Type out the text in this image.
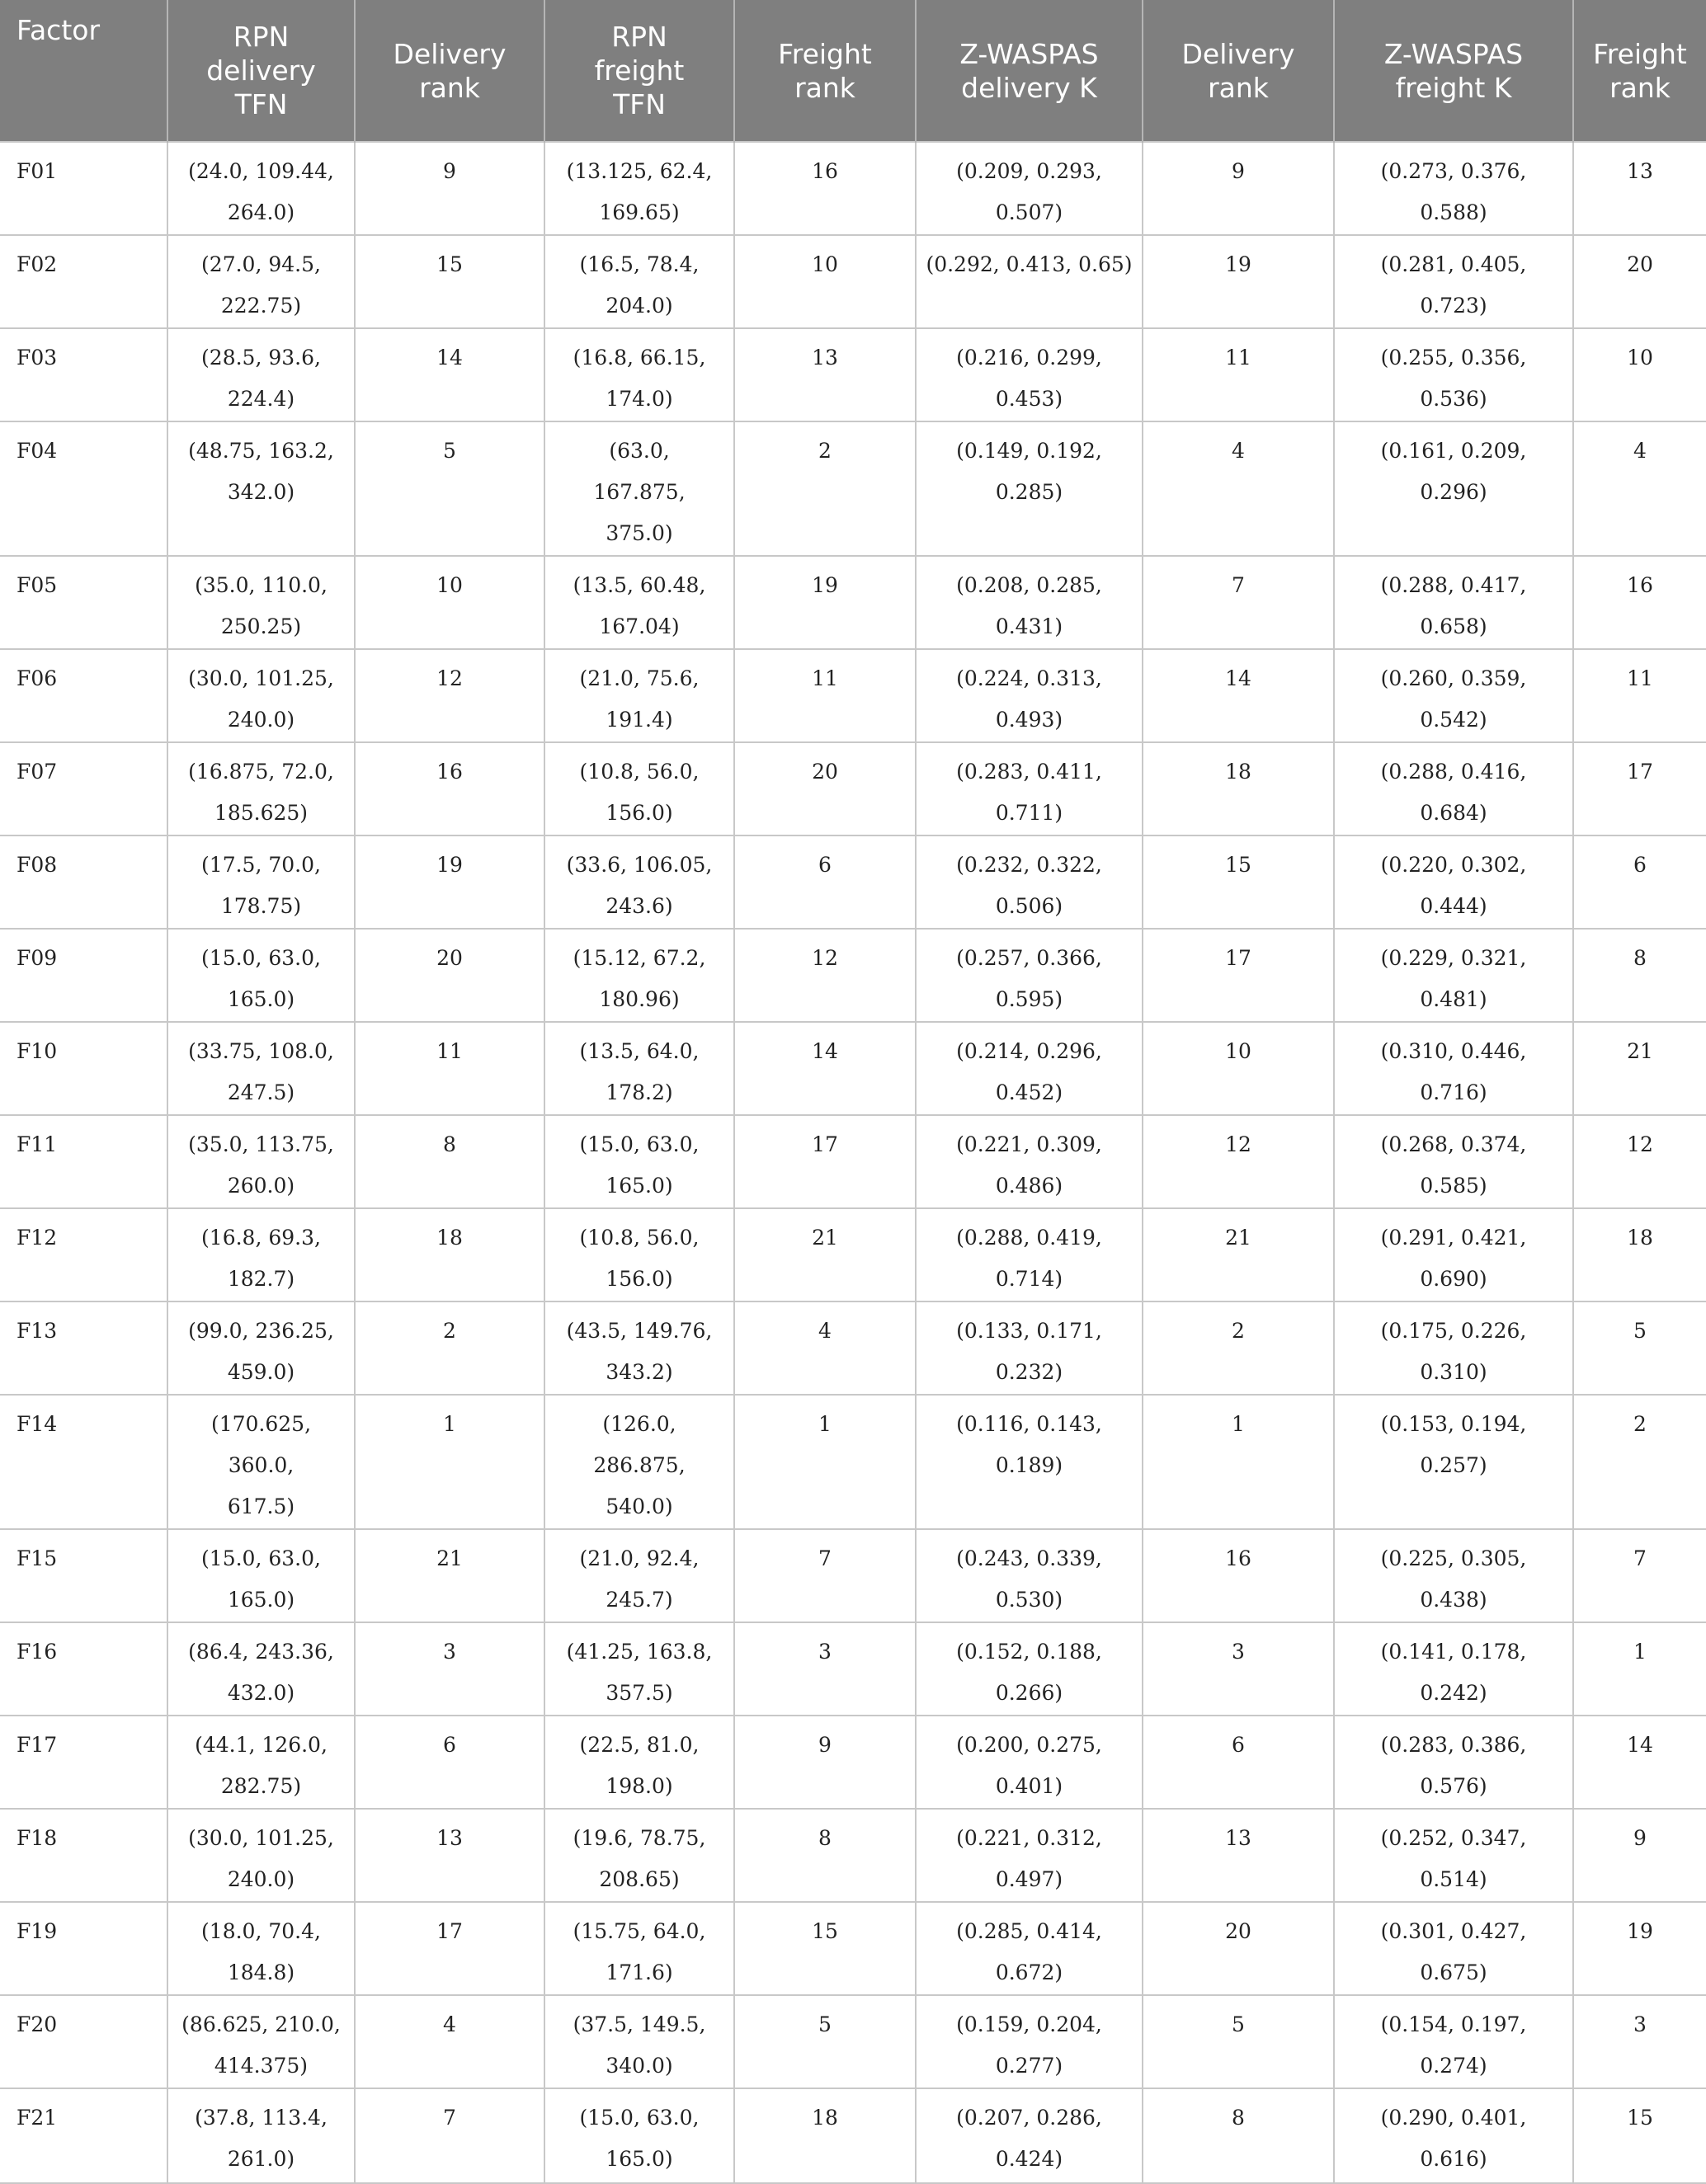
Factor	RPN
delivery
TFN	Delivery
rank	RPN
freight
TFN	Freight
rank	Z-WASPAS
delivery K	Delivery
rank	Z-WASPAS
freight K	Freight
rank
F01	(24.0, 109.44,
264.0)	9	(13.125, 62.4,
169.65)	16	(0.209, 0.293,
0.507)	9	(0.273, 0.376,
0.588)	13
F02	(27.0, 94.5,
222.75)	15	(16.5, 78.4,
204.0)	10	(0.292, 0.413, 0.65)	19	(0.281, 0.405,
0.723)	20
F03	(28.5, 93.6,
224.4)	14	(16.8, 66.15,
174.0)	13	(0.216, 0.299,
0.453)	11	(0.255, 0.356,
0.536)	10
F04	(48.75, 163.2,
342.0)	5	(63.0,
167.875,
375.0)	2	(0.149, 0.192,
0.285)	4	(0.161, 0.209,
0.296)	4
F05	(35.0, 110.0,
250.25)	10	(13.5, 60.48,
167.04)	19	(0.208, 0.285,
0.431)	7	(0.288, 0.417,
0.658)	16
F06	(30.0, 101.25,
240.0)	12	(21.0, 75.6,
191.4)	11	(0.224, 0.313,
0.493)	14	(0.260, 0.359,
0.542)	11
F07	(16.875, 72.0,
185.625)	16	(10.8, 56.0,
156.0)	20	(0.283, 0.411,
0.711)	18	(0.288, 0.416,
0.684)	17
F08	(17.5, 70.0,
178.75)	19	(33.6, 106.05,
243.6)	6	(0.232, 0.322,
0.506)	15	(0.220, 0.302,
0.444)	6
F09	(15.0, 63.0,
165.0)	20	(15.12, 67.2,
180.96)	12	(0.257, 0.366,
0.595)	17	(0.229, 0.321,
0.481)	8
F10	(33.75, 108.0,
247.5)	11	(13.5, 64.0,
178.2)	14	(0.214, 0.296,
0.452)	10	(0.310, 0.446,
0.716)	21
F11	(35.0, 113.75,
260.0)	8	(15.0, 63.0,
165.0)	17	(0.221, 0.309,
0.486)	12	(0.268, 0.374,
0.585)	12
F12	(16.8, 69.3,
182.7)	18	(10.8, 56.0,
156.0)	21	(0.288, 0.419,
0.714)	21	(0.291, 0.421,
0.690)	18
F13	(99.0, 236.25,
459.0)	2	(43.5, 149.76,
343.2)	4	(0.133, 0.171,
0.232)	2	(0.175, 0.226,
0.310)	5
F14	(170.625, 360.0,
617.5)	1	(126.0,
286.875,
540.0)	1	(0.116, 0.143,
0.189)	1	(0.153, 0.194,
0.257)	2
F15	(15.0, 63.0,
165.0)	21	(21.0, 92.4,
245.7)	7	(0.243, 0.339,
0.530)	16	(0.225, 0.305,
0.438)	7
F16	(86.4, 243.36,
432.0)	3	(41.25, 163.8,
357.5)	3	(0.152, 0.188,
0.266)	3	(0.141, 0.178,
0.242)	1
F17	(44.1, 126.0,
282.75)	6	(22.5, 81.0,
198.0)	9	(0.200, 0.275,
0.401)	6	(0.283, 0.386,
0.576)	14
F18	(30.0, 101.25,
240.0)	13	(19.6, 78.75,
208.65)	8	(0.221, 0.312,
0.497)	13	(0.252, 0.347,
0.514)	9
F19	(18.0, 70.4,
184.8)	17	(15.75, 64.0,
171.6)	15	(0.285, 0.414,
0.672)	20	(0.301, 0.427,
0.675)	19
F20	(86.625, 210.0,
414.375)	4	(37.5, 149.5,
340.0)	5	(0.159, 0.204,
0.277)	5	(0.154, 0.197,
0.274)	3
F21	(37.8, 113.4,
261.0)	7	(15.0, 63.0,
165.0)	18	(0.207, 0.286,
0.424)	8	(0.290, 0.401,
0.616)	15
